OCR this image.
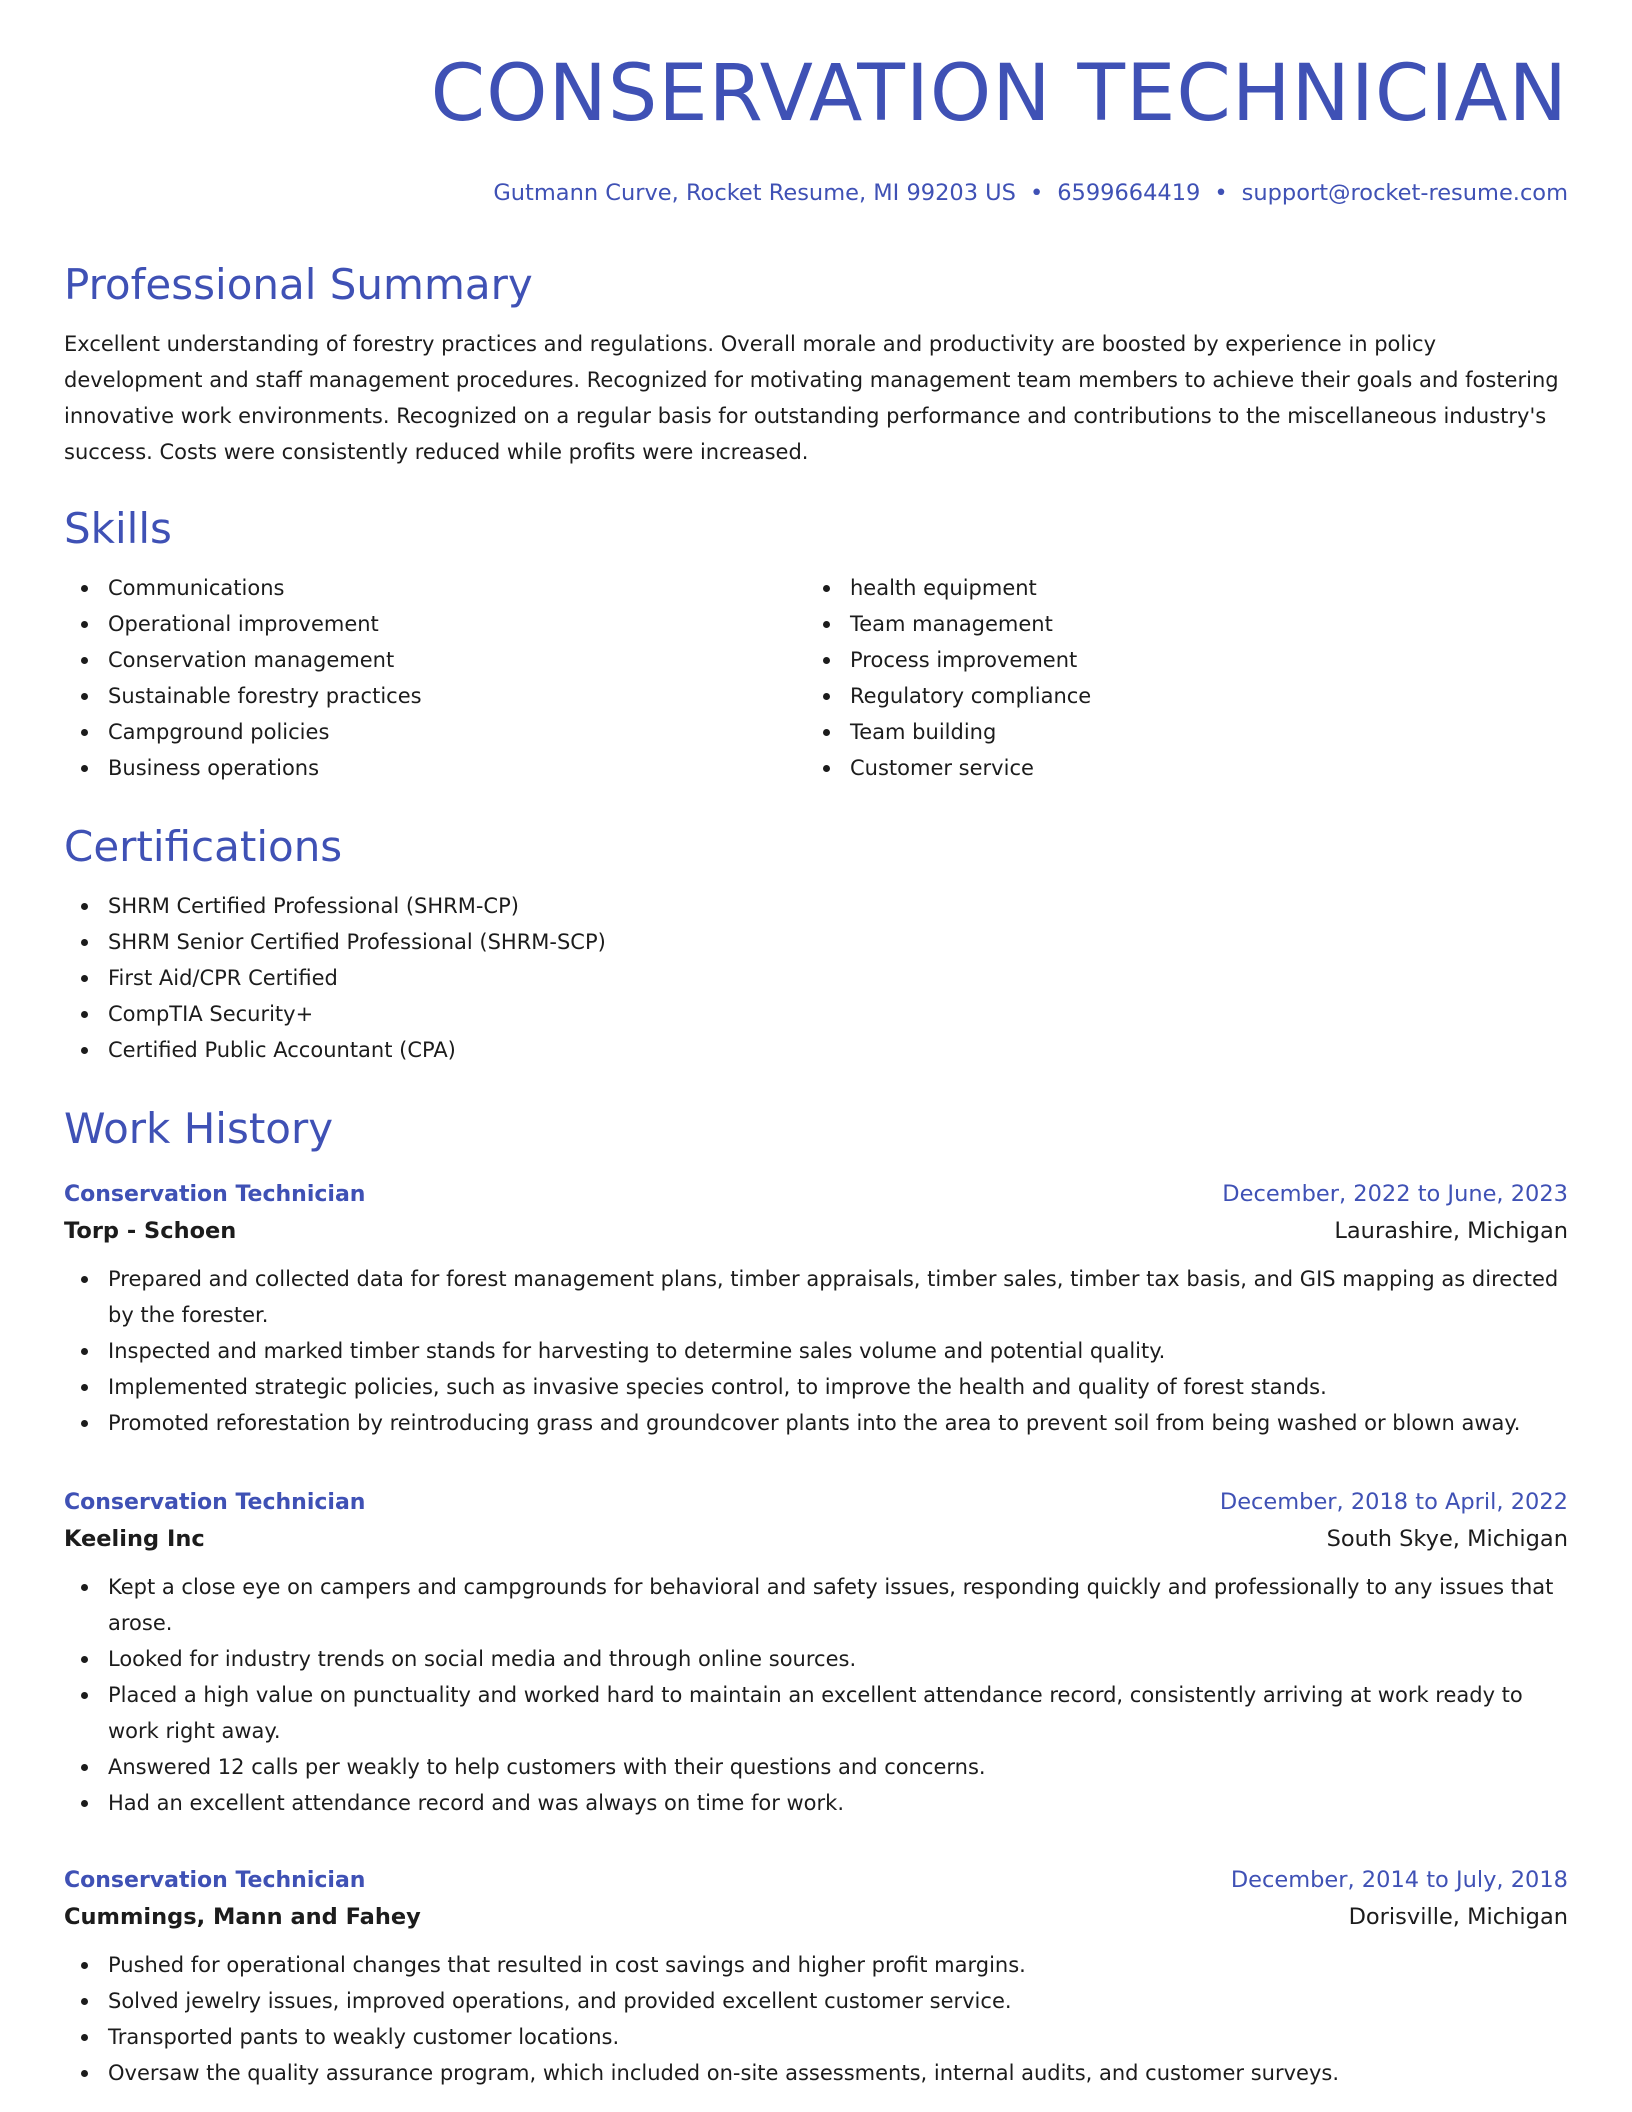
CONSERVATION TECHNICIAN
Gutmann Curve, Rocket Resume, MI 99203 US • 6599664419 • support@rocket-resume.com
Professional Summary

Excellent understanding of forestry practices and regulations. Overall morale and productivity are boosted by experience in policy development and staff management procedures. Recognized for motivating management team members to achieve their goals and fostering innovative work environments. Recognized on a regular basis for outstanding performance and contributions to the miscellaneous industry's success. Costs were consistently reduced while profits were increased.

Skills
Communications
Operational improvement
Conservation management
Sustainable forestry practices
Campground policies
Business operations
health equipment
Team management
Process improvement
Regulatory compliance
Team building
Customer service
Certifications
SHRM Certified Professional (SHRM-CP)
SHRM Senior Certified Professional (SHRM-SCP)
First Aid/CPR Certified
CompTIA Security+
Certified Public Accountant (CPA)
Work History
Conservation Technician	December, 2022 to June, 2023
Torp - Schoen	Laurashire, Michigan
Prepared and collected data for forest management plans, timber appraisals, timber sales, timber tax basis, and GIS mapping as directed by the forester.
Inspected and marked timber stands for harvesting to determine sales volume and potential quality.
Implemented strategic policies, such as invasive species control, to improve the health and quality of forest stands.
Promoted reforestation by reintroducing grass and groundcover plants into the area to prevent soil from being washed or blown away.
Conservation Technician	December, 2018 to April, 2022
Keeling Inc	South Skye, Michigan
Kept a close eye on campers and campgrounds for behavioral and safety issues, responding quickly and professionally to any issues that arose.
Looked for industry trends on social media and through online sources.
Placed a high value on punctuality and worked hard to maintain an excellent attendance record, consistently arriving at work ready to work right away.
Answered 12 calls per weakly to help customers with their questions and concerns.
Had an excellent attendance record and was always on time for work.
Conservation Technician	December, 2014 to July, 2018
Cummings, Mann and Fahey	Dorisville, Michigan
Pushed for operational changes that resulted in cost savings and higher profit margins.
Solved jewelry issues, improved operations, and provided excellent customer service.
Transported pants to weakly customer locations.
Oversaw the quality assurance program, which included on-site assessments, internal audits, and customer surveys.
